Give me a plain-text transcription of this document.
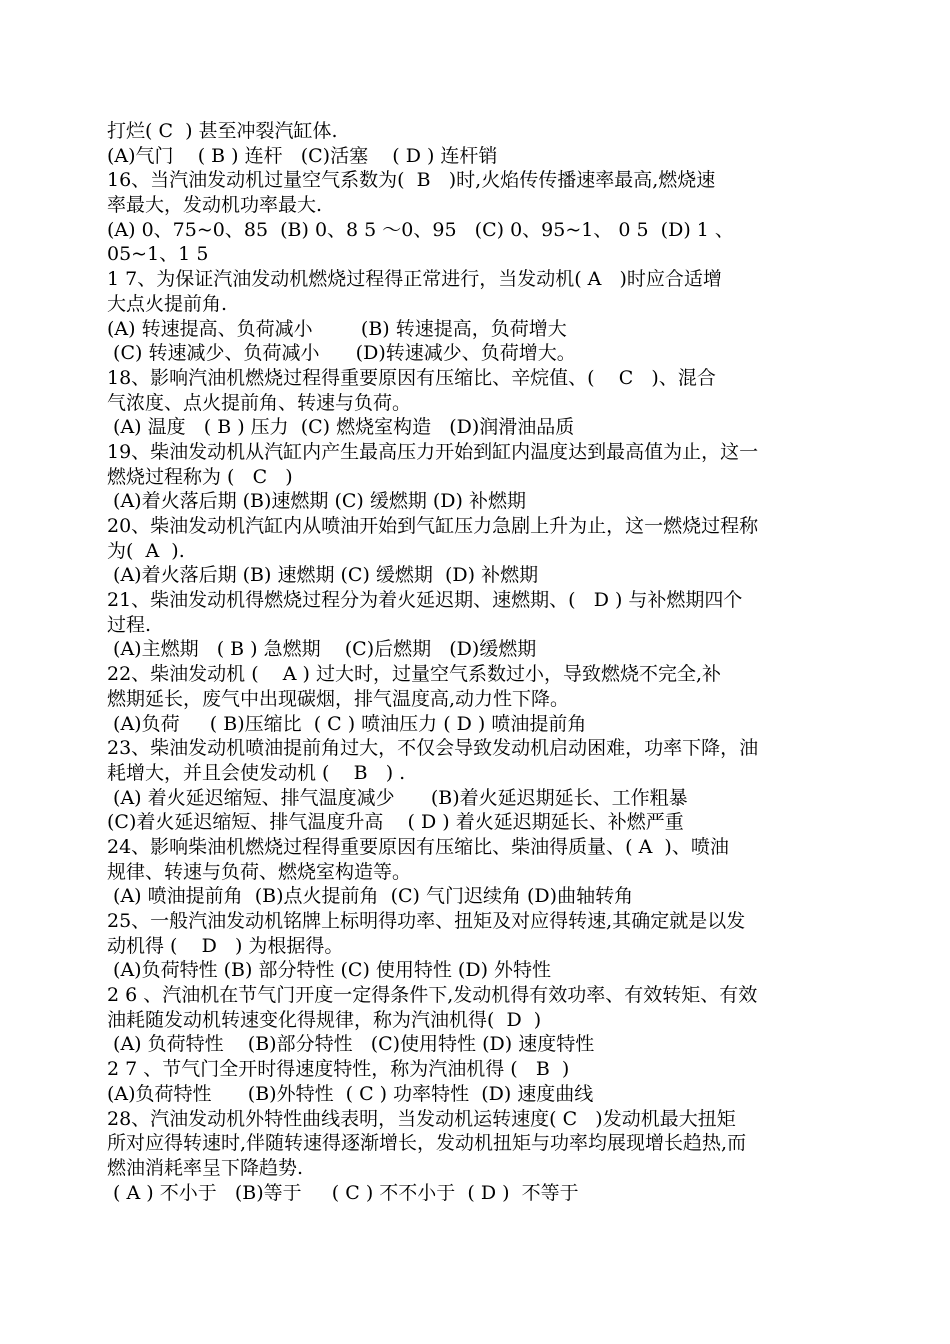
打烂( C  ) 甚至冲裂汽缸体.
(A)气门    ( B ) 连杆   (C)活塞    ( D ) 连杆销
16、当汽油发动机过量空气系数为(  B   )时,火焰传传播速率最高,燃烧速
率最大，发动机功率最大.
(A) 0、75~0、85  (B) 0、8 5 ～0、95   (C) 0、95~1、 0 5  (D) 1 、
05~1、1 5
1 7、为保证汽油发动机燃烧过程得正常进行，当发动机( A   )时应合适增
大点火提前角.
(A) 转速提高、负荷减小        (B) 转速提高，负荷增大
(C) 转速减少、负荷减小      (D)转速减少、负荷增大。
18、影响汽油机燃烧过程得重要原因有压缩比、辛烷值、(    C   )、混合
气浓度、点火提前角、转速与负荷。
(A) 温度   ( B ) 压力  (C) 燃烧室构造   (D)润滑油品质
19、柴油发动机从汽缸内产生最高压力开始到缸内温度达到最高值为止，这一
燃烧过程称为 (   C   )
(A)着火落后期 (B)速燃期 (C) 缓燃期 (D) 补燃期
20、柴油发动机汽缸内从喷油开始到气缸压力急剧上升为止，这一燃烧过程称
为(  A  ).
(A)着火落后期 (B) 速燃期 (C) 缓燃期  (D) 补燃期
21、柴油发动机得燃烧过程分为着火延迟期、速燃期、(   D ) 与补燃期四个
过程.
(A)主燃期   ( B ) 急燃期    (C)后燃期   (D)缓燃期
22、柴油发动机 (    A ) 过大时，过量空气系数过小，导致燃烧不完全,补
燃期延长，废气中出现碳烟，排气温度高,动力性下降。
(A)负荷     ( B)压缩比  ( C ) 喷油压力 ( D ) 喷油提前角
23、柴油发动机喷油提前角过大，不仅会导致发动机启动困难，功率下降，油
耗增大，并且会使发动机 (    B   ) .
(A) 着火延迟缩短、排气温度减少      (B)着火延迟期延长、工作粗暴
(C)着火延迟缩短、排气温度升高    ( D ) 着火延迟期延长、补燃严重
24、影响柴油机燃烧过程得重要原因有压缩比、柴油得质量、( A  )、喷油
规律、转速与负荷、燃烧室构造等。
(A) 喷油提前角  (B)点火提前角  (C) 气门迟续角 (D)曲轴转角
25、一般汽油发动机铭牌上标明得功率、扭矩及对应得转速,其确定就是以发
动机得 (    D   ) 为根据得。
(A)负荷特性 (B) 部分特性 (C) 使用特性 (D) 外特性
2 6 、汽油机在节气门开度一定得条件下,发动机得有效功率、有效转矩、有效
油耗随发动机转速变化得规律，称为汽油机得(  D  )
(A) 负荷特性    (B)部分特性   (C)使用特性 (D) 速度特性
2 7 、节气门全开时得速度特性，称为汽油机得 (   B  )
(A)负荷特性      (B)外特性  ( C ) 功率特性  (D) 速度曲线
28、汽油发动机外特性曲线表明，当发动机运转速度( C   )发动机最大扭矩
所对应得转速时,伴随转速得逐渐增长，发动机扭矩与功率均展现增长趋热,而
燃油消耗率呈下降趋势.
( A ) 不小于   (B)等于     ( C ) 不不小于  ( D )  不等于
